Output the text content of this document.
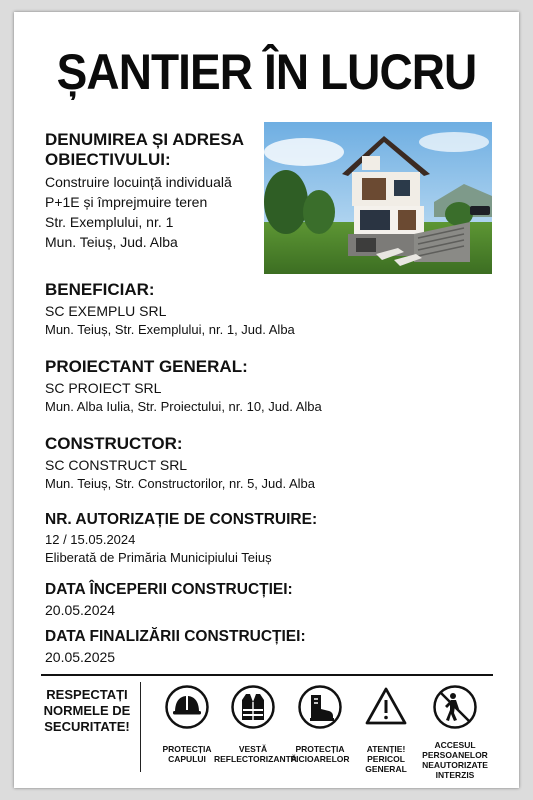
ȘANTIER ÎN LUCRU
DENUMIREA ȘI ADRESA
OBIECTIVULUI:
Construire locuință individuală
P+1E și împrejmuire teren
Str. Exemplului, nr. 1
Mun. Teiuș, Jud. Alba
BENEFICIAR:
SC EXEMPLU SRL
Mun. Teiuș, Str. Exemplului, nr. 1, Jud. Alba
PROIECTANT GENERAL:
SC PROIECT SRL
Mun. Alba Iulia, Str. Proiectului, nr. 10, Jud. Alba
CONSTRUCTOR:
SC CONSTRUCT SRL
Mun. Teiuș, Str. Constructorilor, nr. 5, Jud. Alba
NR. AUTORIZAȚIE DE CONSTRUIRE:
12 / 15.05.2024
Eliberată de Primăria Municipiului Teiuș
DATA ÎNCEPERII CONSTRUCȚIEI:
20.05.2024
DATA FINALIZĂRII CONSTRUCȚIEI:
20.05.2025
RESPECTAȚI
NORMELE DE
SECURITATE!
PROTECȚIA
CAPULUI
VESTĂ
REFLECTORIZANTĂ
PROTECȚIA
PICIOARELOR
ATENȚIE!
PERICOL GENERAL
ACCESUL
PERSOANELOR
NEAUTORIZATE
INTERZIS
